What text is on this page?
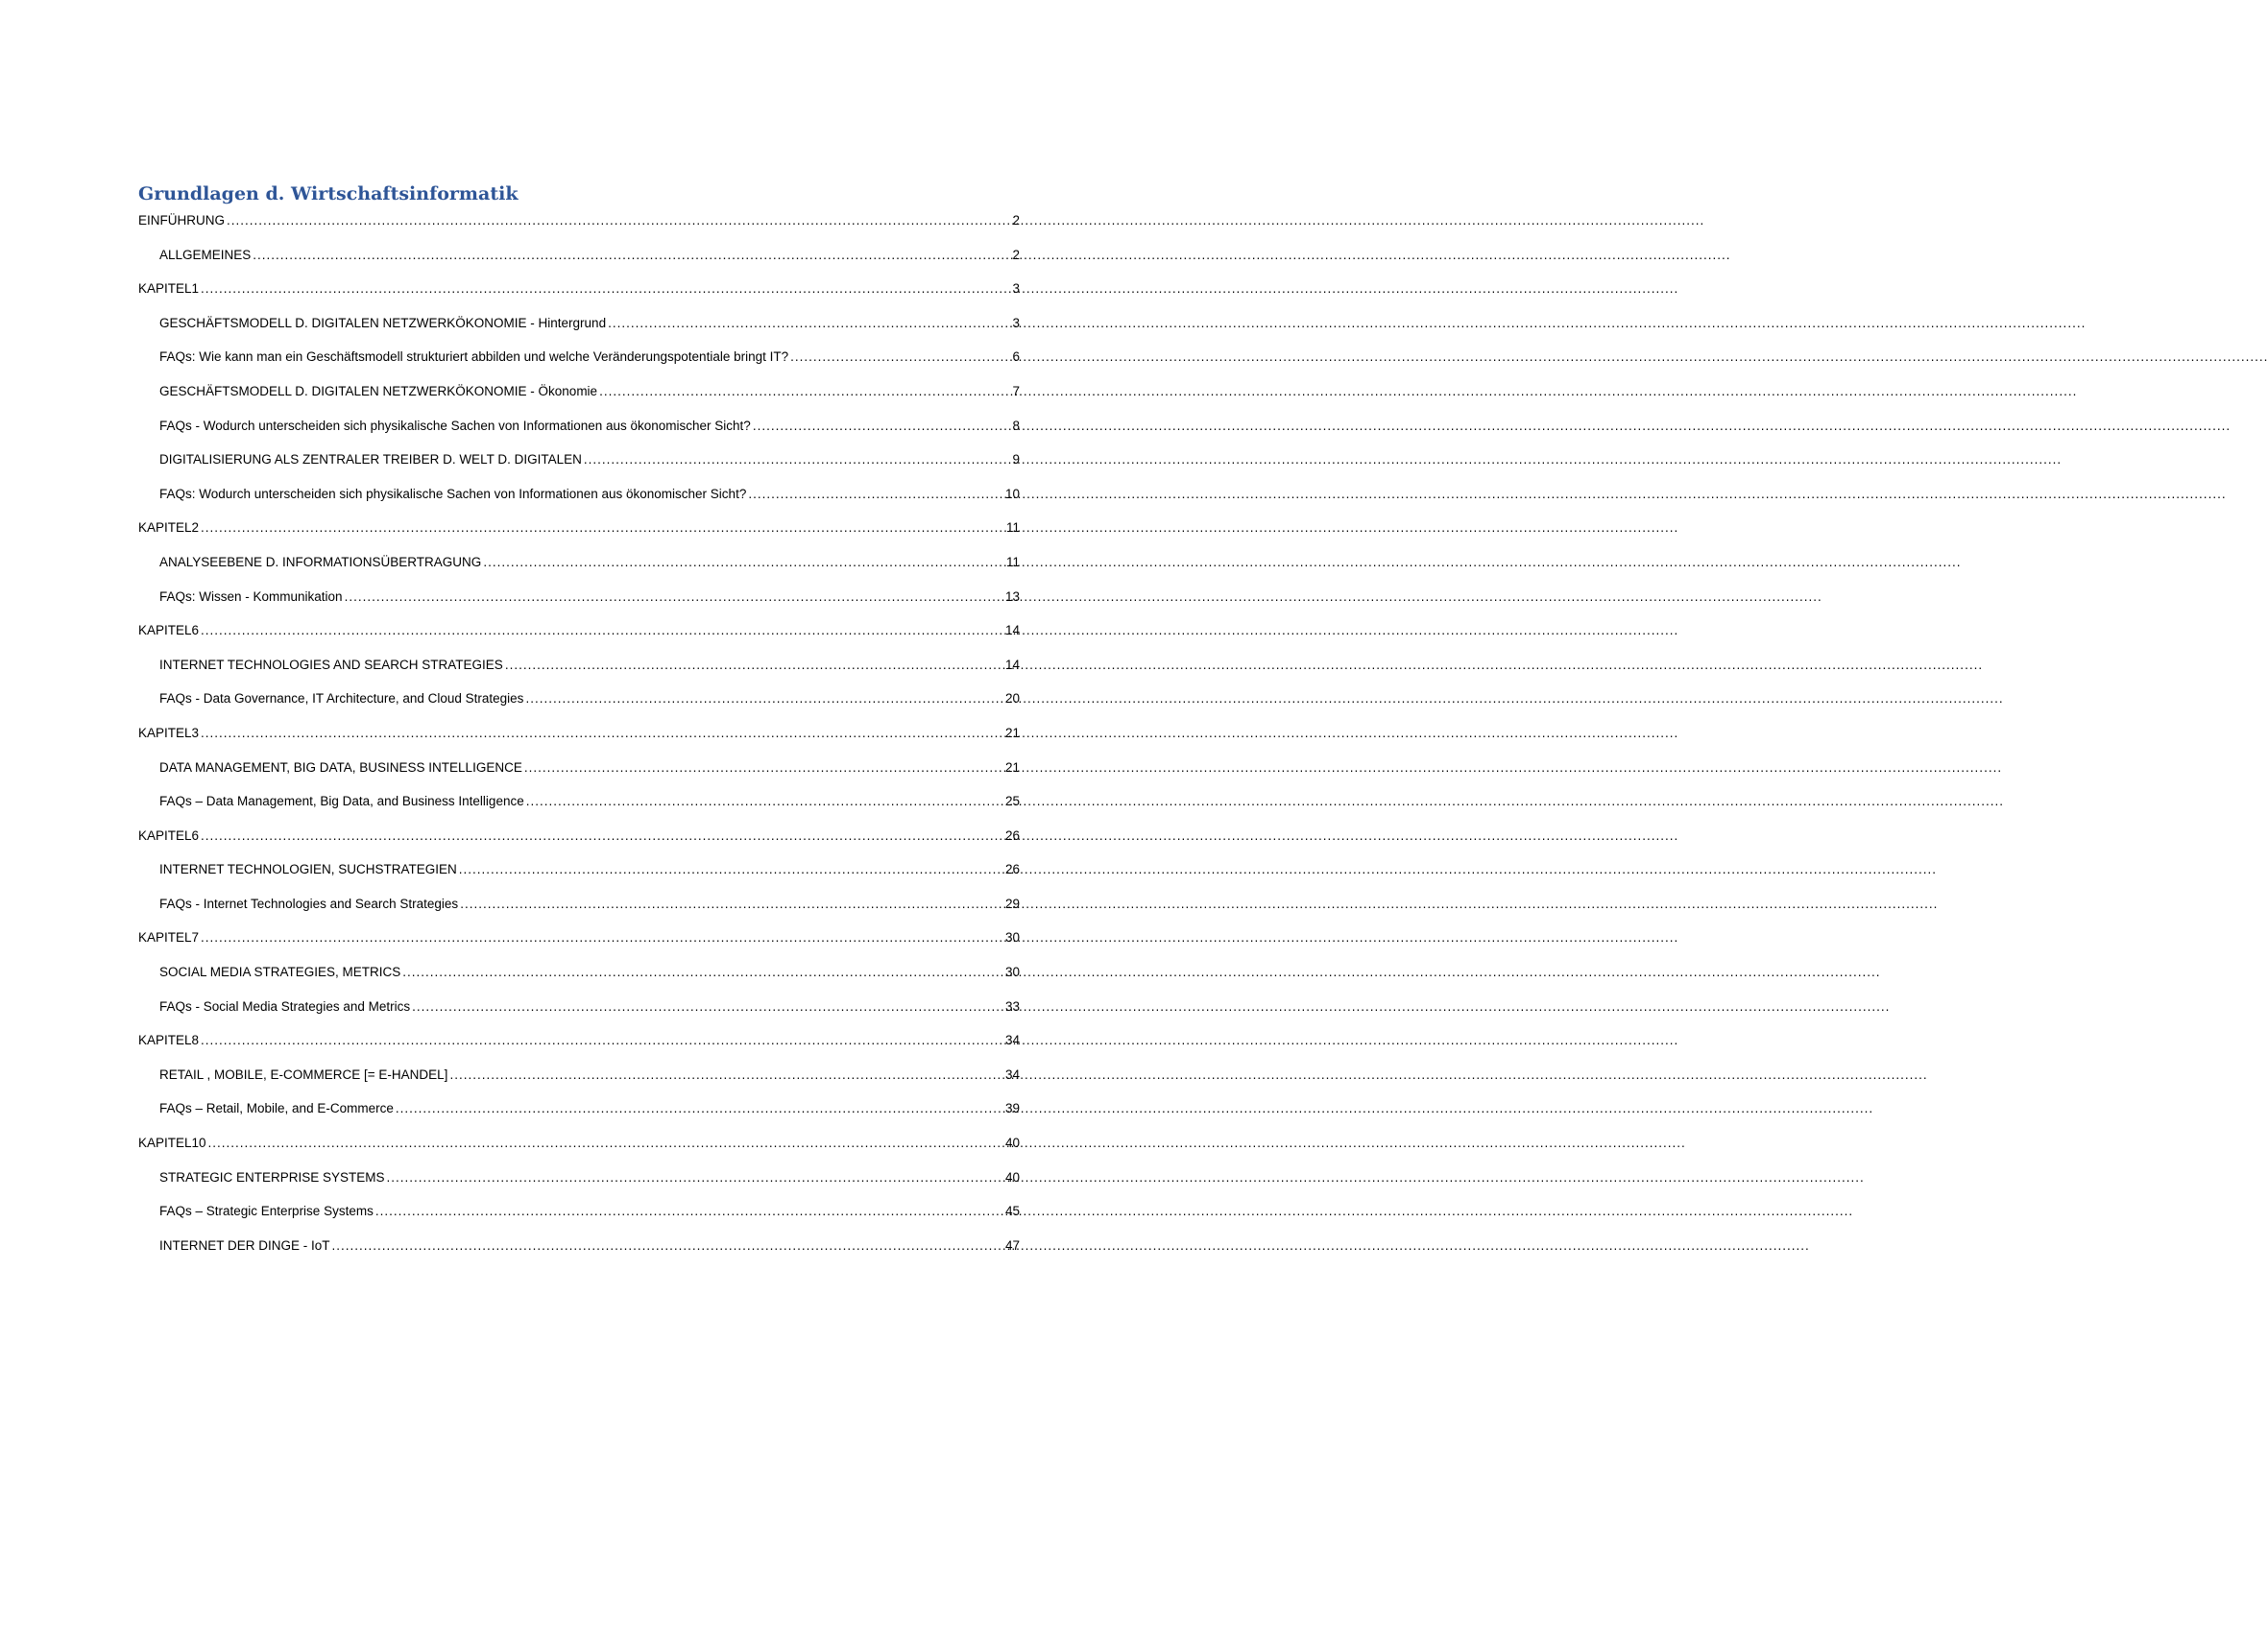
Grundlagen d. Wirtschaftsinformatik
EINFÜHRUNG .....	2
ALLGEMEINES .....	2
KAPITEL1 .....	3
GESCHÄFTSMODELL D. DIGITALEN NETZWERKÖKONOMIE - Hintergrund .....	3
FAQs: Wie kann man ein Geschäftsmodell strukturiert abbilden und welche Veränderungspotentiale bringt IT? .....	6
GESCHÄFTSMODELL D. DIGITALEN NETZWERKÖKONOMIE - Ökonomie .....	7
FAQs - Wodurch unterscheiden sich physikalische Sachen von Informationen aus ökonomischer Sicht? .....	8
DIGITALISIERUNG ALS ZENTRALER TREIBER D. WELT D. DIGITALEN .....	9
FAQs: Wodurch unterscheiden sich physikalische Sachen von Informationen aus ökonomischer Sicht? .....	10
KAPITEL2 .....	11
ANALYSEEBENE D. INFORMATIONSÜBERTRAGUNG .....	11
FAQs: Wissen - Kommunikation .....	13
KAPITEL6 .....	14
INTERNET TECHNOLOGIES AND SEARCH STRATEGIES .....	14
FAQs - Data Governance, IT Architecture, and Cloud Strategies .....	20
KAPITEL3 .....	21
DATA MANAGEMENT, BIG DATA, BUSINESS INTELLIGENCE .....	21
FAQs – Data Management, Big Data, and Business Intelligence .....	25
KAPITEL6 .....	26
INTERNET TECHNOLOGIEN, SUCHSTRATEGIEN .....	26
FAQs - Internet Technologies and Search Strategies .....	29
KAPITEL7 .....	30
SOCIAL MEDIA STRATEGIES, METRICS .....	30
FAQs - Social Media Strategies and Metrics .....	33
KAPITEL8 .....	34
RETAIL , MOBILE, E-COMMERCE [= E-HANDEL] .....	34
FAQs – Retail, Mobile, and E-Commerce .....	39
KAPITEL10 .....	40
STRATEGIC ENTERPRISE SYSTEMS .....	40
FAQs – Strategic Enterprise Systems .....	45
INTERNET DER DINGE - IoT .....	47
